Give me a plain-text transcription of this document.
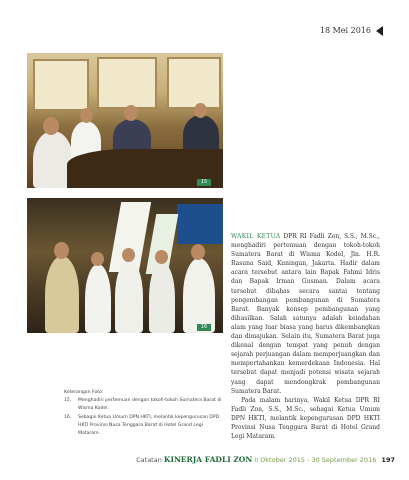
18 Mei 2016
15
16

WAKIL KETUA DPR RI Fadli Zon, S.S., M.Sc., menghadiri pertemuan dengan tokoh-tokoh Sumatera Barat di Wisma Kodel, Jln. H.R. Rasuna Said, Kuningan, Jakarta. Hadir dalam acara tersebut antara lain Bapak Fahmi Idris dan Bapak Irman Gusman. Dalam acara tersebut dibahas secara santai tentang pengembangan pembangunan di Sumatera Barat. Banyak konsep pembangunan yang dihasilkan. Salah satunya adalah keindahan alam yang luar biasa yang harus dikembangkan dan dimajukan. Selain itu, Sumatera Barat juga dikenal dengan tempat yang penuh dengan sejarah perjuangan dalam memperjuangkan dan mempertahankan kemerdekaan Indonesia. Hal tersebut dapat menjadi potensi wisata sejarah yang dapat mendongkrak pembangunan Sumatera Barat.

Pada malam harinya, Wakil Ketua DPR RI Fadli Zon, S.S., M.Sc., sebagai Ketua Umum DPN HKTI, melantik kepengurusan DPD HKTI Provinsi Nusa Tenggara Barat di Hotel Grand Legi Mataram.

Keterangan Foto:
15.	Menghadiri pertemuan dengan tokoh-tokoh Sumatera Barat di Wisma Kodel.
16.	Sebagai Ketua Umum DPN HKTI, melantik kepengurusan DPD HKTI Provinsi Nusa Tenggara Barat di Hotel Grand Legi Mataram.
Catatan KINERJA FADLI ZON II Oktober 2015 - 30 September 2016 197
